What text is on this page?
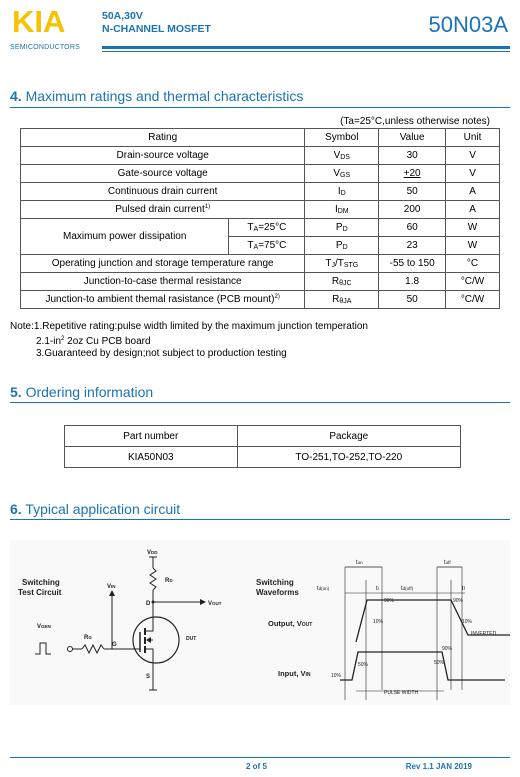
KIA
SEMICONDUCTORS
50A,30V
N-CHANNEL MOSFET	50N03A
4. Maximum ratings and thermal characteristics
(Ta=25°C,unless otherwise notes)
Rating		Symbol	Value	Unit
Drain-source voltage		$V_{DS}$	30	V
Gate-source voltage		$V_{GS}$	+20	V
Continuous drain current		$I_D$	50	A
Pulsed drain current$^{1)}$		$I_{DM}$	200	A
Maximum power dissipation	$T_A=25^\circ C$	$P_D$	60	W
	$T_A=75^\circ C$	$P_D$	23	W
Operating junction and storage temperature range		$T_J/T_{STG}$	-55 to 150	°C
Junction-to-case thermal resistance		$R_{\theta JC}$	1.8	°C/W
Junction-to ambient themal rasistance (PCB mount)$^{2)}$		$R_{\theta JA}$	50	°C/W
Note:1.Repetitive rating:pulse width limited by the maximum junction temperation
$2.1-in^2$ 2oz Cu PCB board
3.Guaranteed by design;not subject to production testing
5. Ordering information
Part number	Package
KIA50N03	TO-251,TO-252,TO-220
6. Typical application circuit
Switching
Test Circuit
VDD
RD
VOUT
D
VIN
VGEN
RG
G
DUT
S
Switching
Waveforms
Output, VOUT
Input, VIN
ton	toff
td(on)	tr	td(off)	tf
90%	90%
10%	10%
INVERTED
10%
90%
50%	50%
PULSE WIDTH
2 of 5	Rev 1.1 JAN 2019
